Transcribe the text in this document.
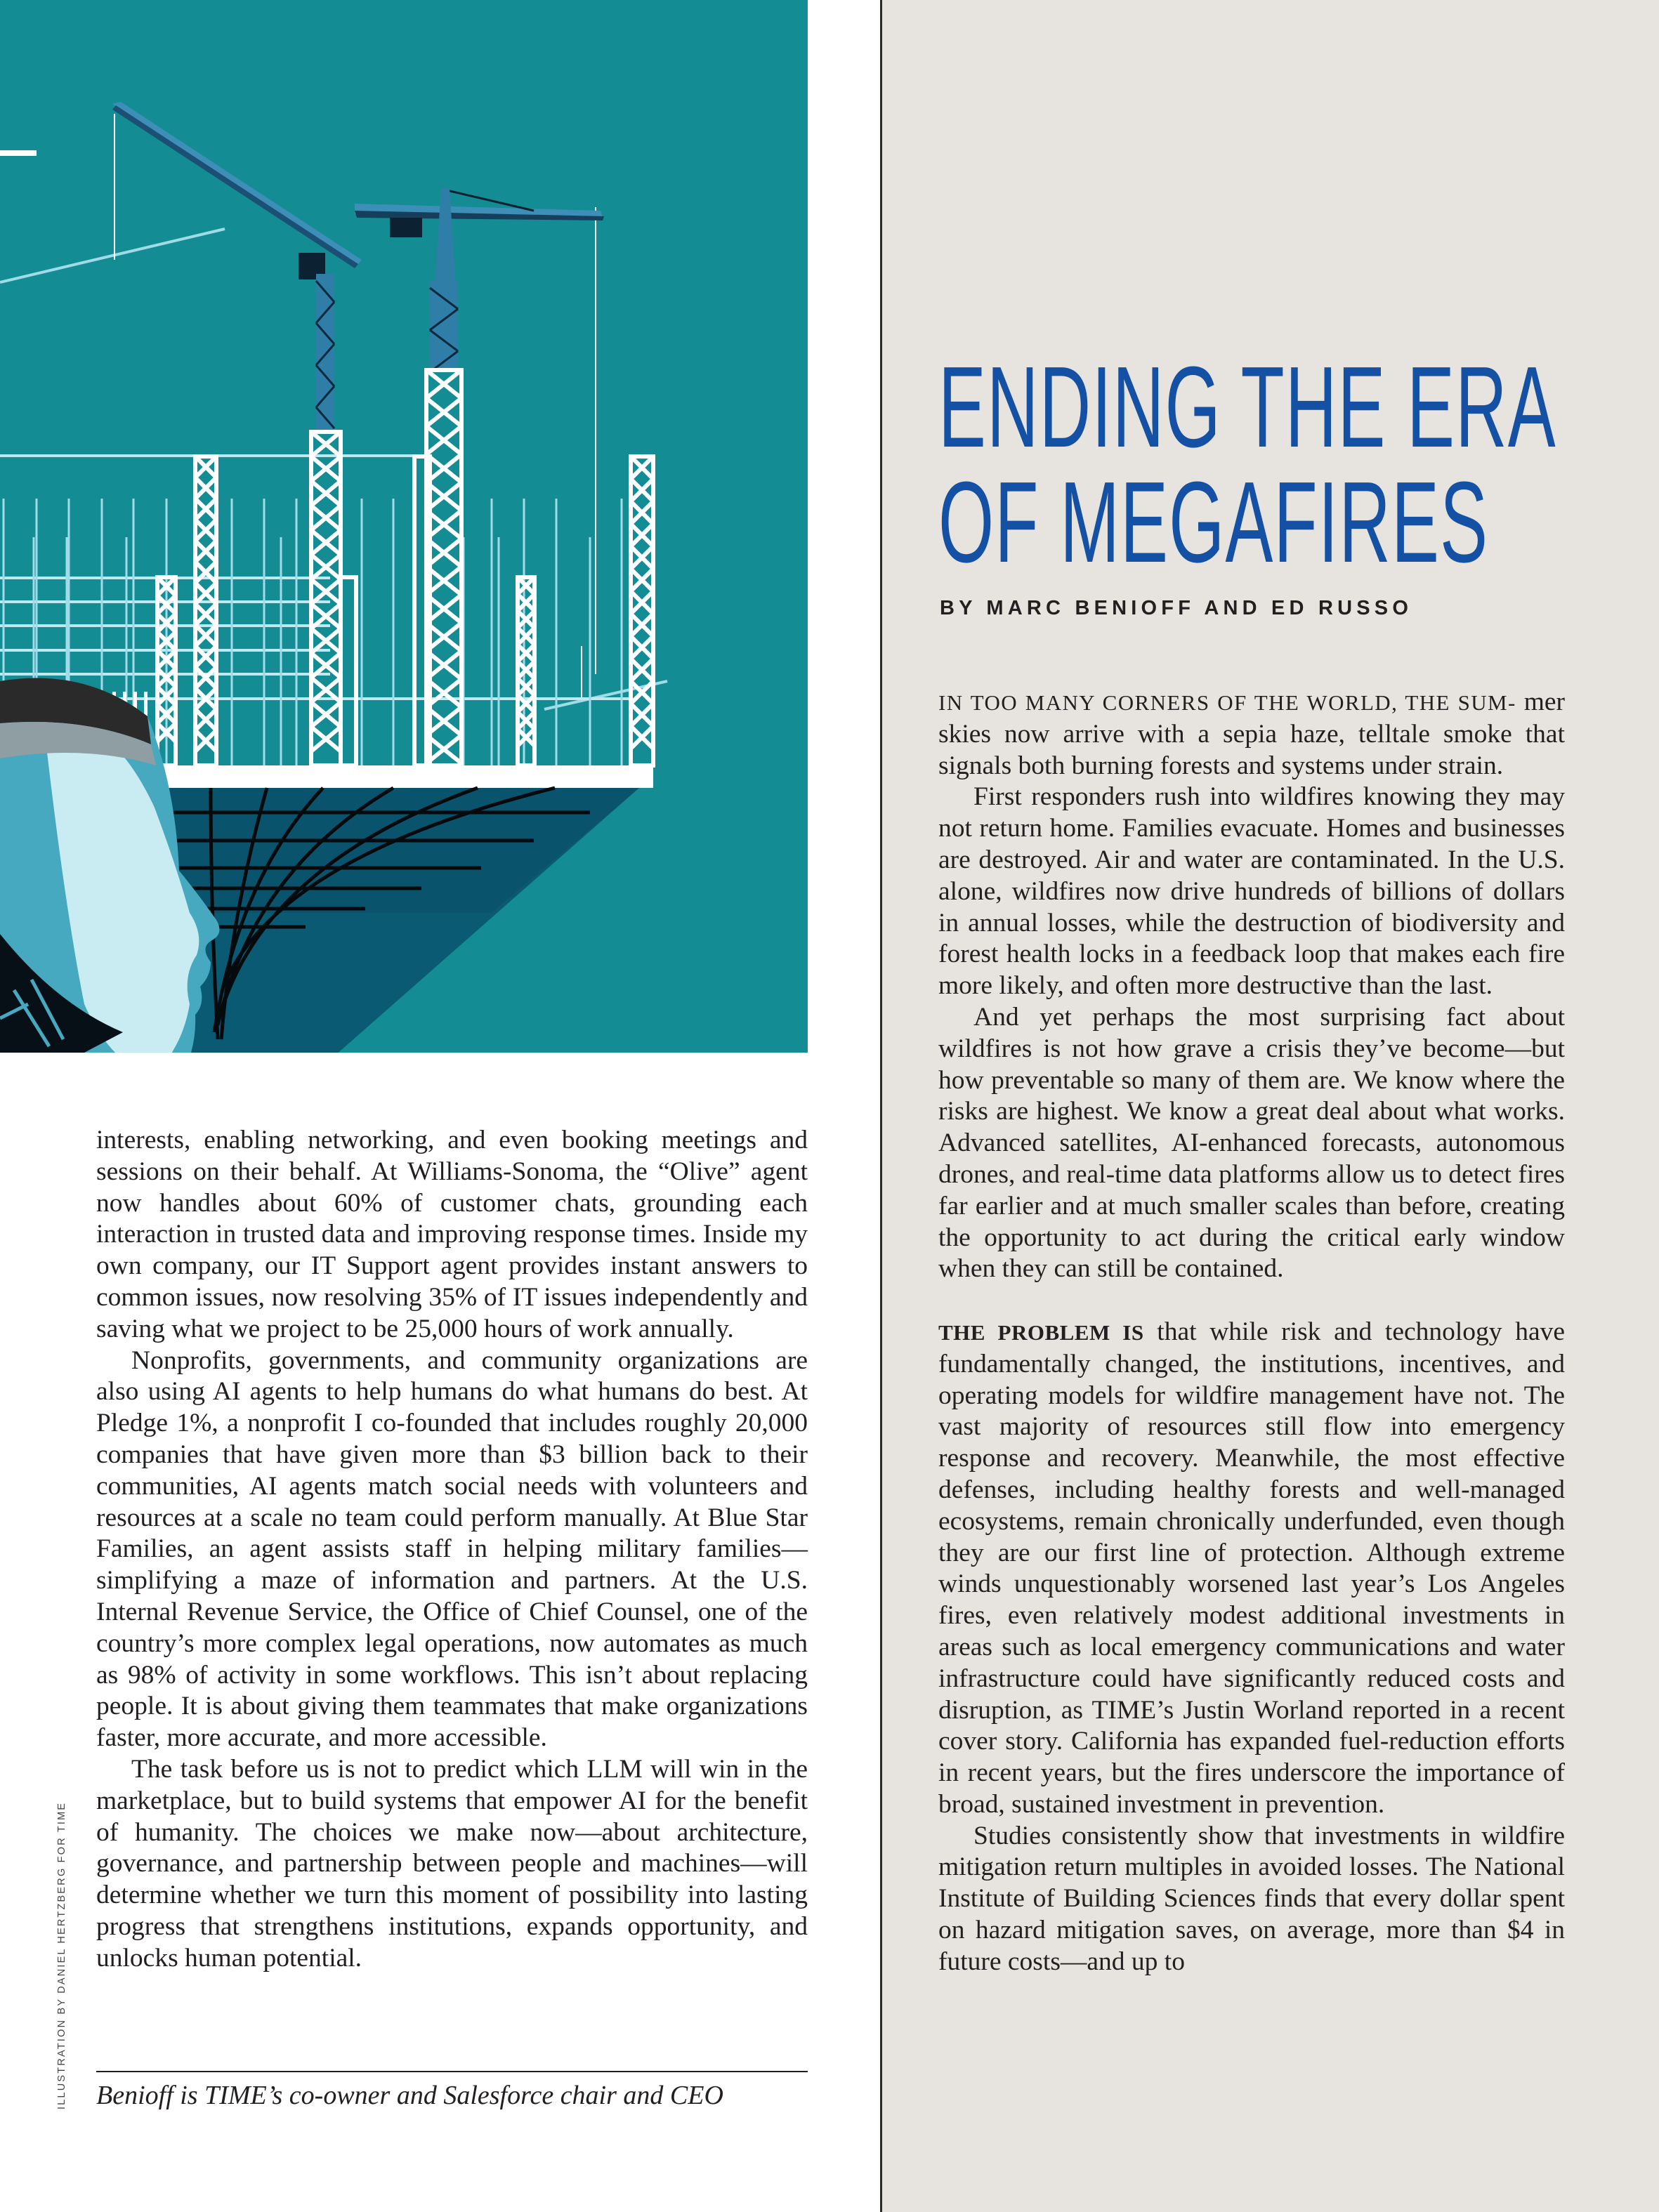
interests, enabling networking, and even booking meetings and sessions on their behalf. At Williams-Sonoma, the “Olive” agent now handles about 60% of customer chats, grounding each interaction in trusted data and improving response times. Inside my own company, our IT Support agent provides instant answers to common issues, now resolving 35% of IT issues independently and saving what we project to be 25,000 hours of work annually.

Nonprofits, governments, and community organizations are also using AI agents to help humans do what humans do best. At Pledge 1%, a nonprofit I co-founded that includes roughly 20,000 companies that have given more than $3 billion back to their communities, AI agents match social needs with volunteers and resources at a scale no team could perform manually. At Blue Star Families, an agent assists staff in helping military families—simplifying a maze of information and partners. At the U.S. Internal Revenue Service, the Office of Chief Counsel, one of the country’s more complex legal operations, now automates as much as 98% of activity in some workflows. This isn’t about replacing people. It is about giving them teammates that make organizations faster, more accurate, and more accessible.

The task before us is not to predict which LLM will win in the marketplace, but to build systems that empower AI for the benefit of humanity. The choices we make now—about architecture, governance, and partnership between people and machines—will determine whether we turn this moment of possibility into lasting progress that strengthens institutions, expands opportunity, and unlocks human potential.

Benioff is TIME’s co-owner and Salesforce chair and CEO
ILLUSTRATION BY DANIEL HERTZBERG FOR TIME
ENDING THE ERA
OF MEGAFIRES
BY MARC BENIOFF AND ED RUSSO

IN TOO MANY CORNERS OF THE WORLD, THE SUM- mer skies now arrive with a sepia haze, telltale smoke that signals both burning forests and systems under strain.

First responders rush into wildfires knowing they may not return home. Families evacuate. Homes and businesses are destroyed. Air and water are contaminated. In the U.S. alone, wildfires now drive hundreds of billions of dollars in annual losses, while the destruction of biodiversity and forest health locks in a feedback loop that makes each fire more likely, and often more destructive than the last.

And yet perhaps the most surprising fact about wildfires is not how grave a crisis they’ve become—but how preventable so many of them are. We know where the risks are highest. We know a great deal about what works. Advanced satellites, AI-enhanced forecasts, autonomous drones, and real-time data platforms allow us to detect fires far earlier and at much smaller scales than before, creating the opportunity to act during the critical early window when they can still be contained.

THE PROBLEM IS that while risk and technology have fundamentally changed, the institutions, incentives, and operating models for wildfire management have not. The vast majority of resources still flow into emergency response and recovery. Meanwhile, the most effective defenses, including healthy forests and well-managed ecosystems, remain chronically underfunded, even though they are our first line of protection. Although extreme winds unquestionably worsened last year’s Los Angeles fires, even relatively modest additional investments in areas such as local emergency communications and water infrastructure could have significantly reduced costs and disruption, as TIME’s Justin Worland reported in a recent cover story. California has expanded fuel-reduction efforts in recent years, but the fires underscore the importance of broad, sustained investment in prevention.

Studies consistently show that investments in wildfire mitigation return multiples in avoided losses. The National Institute of Building Sciences finds that every dollar spent on hazard mitigation saves, on average, more than $4 in future costs—and up to
